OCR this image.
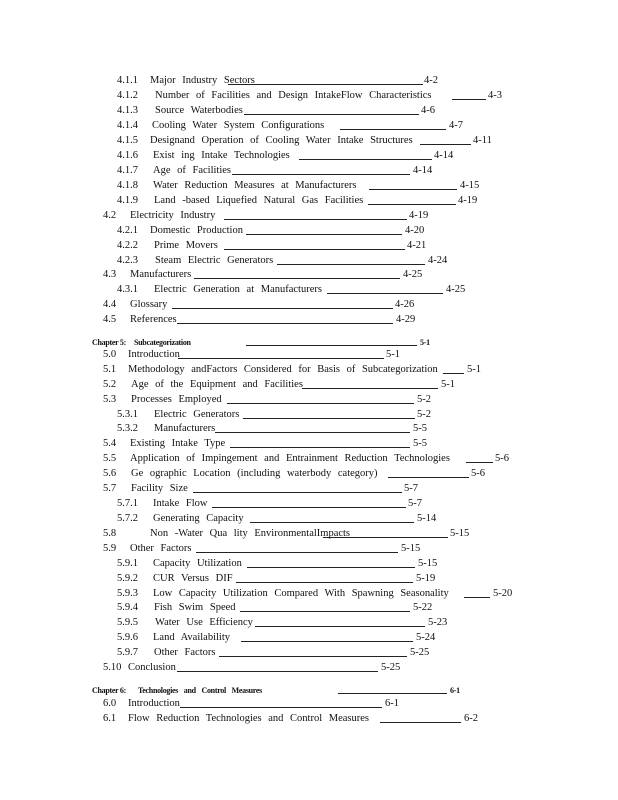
4.1.1 Major Industry Sectors	4-2
4.1.2 Number of Facilities and Design IntakeFlow Characteristics	4-3
4.1.3 Source Waterbodies	4-6
4.1.4 Cooling Water System Configurations	4-7
4.1.5 Designand Operation of Cooling Water Intake Structures	4-11
4.1.6 Exist ing Intake Technologies	4-14
4.1.7 Age of Facilities	4-14
4.1.8 Water Reduction Measures at Manufacturers	4-15
4.1.9 Land -based Liquefied Natural Gas Facilities	4-19
4.2 Electricity Industry	4-19
4.2.1 Domestic Production	4-20
4.2.2 Prime Movers	4-21
4.2.3 Steam Electric Generators	4-24
4.3 Manufacturers	4-25
4.3.1 Electric Generation at Manufacturers	4-25
4.4 Glossary	4-26
4.5 References	4-29
Chapter 5: Subcategorization	5-1
5.0 Introduction	5-1
5.1 Methodology andFactors Considered for Basis of Subcategorization	5-1
5.2 Age of the Equipment and Facilities	5-1
5.3 Processes Employed	5-2
5.3.1 Electric Generators	5-2
5.3.2 Manufacturers	5-5
5.4 Existing Intake Type	5-5
5.5 Application of Impingement and Entrainment Reduction Technologies	5-6
5.6 Ge ographic Location (including waterbody category)	5-6
5.7 Facility Size	5-7
5.7.1 Intake Flow	5-7
5.7.2 Generating Capacity	5-14
5.8	Non -Water Qua lity EnvironmentalImpacts	5-15
5.9 Other Factors	5-15
5.9.1 Capacity Utilization	5-15
5.9.2 CUR Versus DIF	5-19
5.9.3 Low Capacity Utilization Compared With Spawning Seasonality	5-20
5.9.4 Fish Swim Speed	5-22
5.9.5 Water Use Efficiency	5-23
5.9.6 Land Availability	5-24
5.9.7 Other Factors	5-25
5.10 Conclusion	5-25
Chapter 6: Technologies and Control Measures	6-1
6.0 Introduction	6-1
6.1 Flow Reduction Technologies and Control Measures	6-2
